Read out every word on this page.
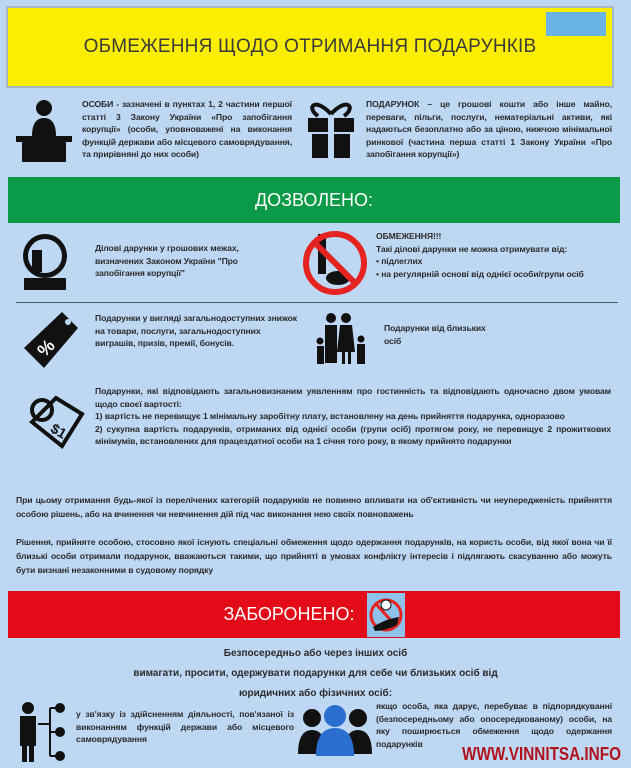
ОБМЕЖЕННЯ ЩОДО ОТРИМАННЯ ПОДАРУНКІВ
ОСОБИ - зазначені в пунктах 1, 2 частини першої статті 3 Закону України «Про запобігання корупції» (особи, уповноважені на виконання функцій держави або місцевого самоврядування, та прирівняні до них особи)
ПОДАРУНОК – це грошові кошти або інше майно, переваги, пільги, послуги, нематеріальні активи, які надаються безоплатно або за ціною, нижчою мінімальної ринкової (частина перша статті 1 Закону України «Про запобігання корупції»)
ДОЗВОЛЕНО:
Ділові дарунки у грошових межах, визначених Законом України "Про запобігання корупції"
ОБМЕЖЕННЯ!!!
Такі ділові дарунки не можна отримувати від:
• підлеглих
• на регулярній основі від однієї особи/групи осіб
%
Подарунки у вигляді загальнодоступних знижок на товари, послуги, загальнодоступних виграшів, призів, премії, бонусів.
Подарунки від близьких осіб
$1
Подарунки, які відповідають загальновизнаним уявленням про гостинність та відповідають одночасно двом умовам щодо своєї вартості:
1) вартість не перевищує 1 мінімальну заробітну плату, встановлену на день прийняття подарунка, одноразово
2) сукупна вартість подарунків, отриманих від однієї особи (групи осіб) протягом року, не перевищує 2 прожиткових мінімумів, встановлених для працездатної особи на 1 січня того року, в якому прийнято подарунки
При цьому отримання будь-якої із перелічених категорій подарунків не повинно впливати на об'єктивність чи неупередженість прийняття особою рішень, або на вчинення чи невчинення дій під час виконання нею своїх повноважень
Рішення, прийняте особою, стосовно якої існують спеціальні обмеження щодо одержання подарунків, на користь особи, від якої вона чи її близькі особи отримали подарунок, вважаються такими, що прийняті в умовах конфлікту інтересів і підлягають скасуванню або можуть бути визнані незаконними в судовому порядку
ЗАБОРОНЕНО:
Безпосередньо або через інших осіб
вимагати, просити, одержувати подарунки для себе чи близьких осіб від
юридичних або фізичних осіб:
у зв'язку із здійсненням діяльності, пов'язаної із виконанням функцій держави або місцевого самоврядування
якщо особа, яка дарує, перебуває в підпорядкуванні (безпосередньому або опосередкованому) особи, на яку поширюється обмеження щодо одержання подарунків
WWW.VINNITSA.INFO
